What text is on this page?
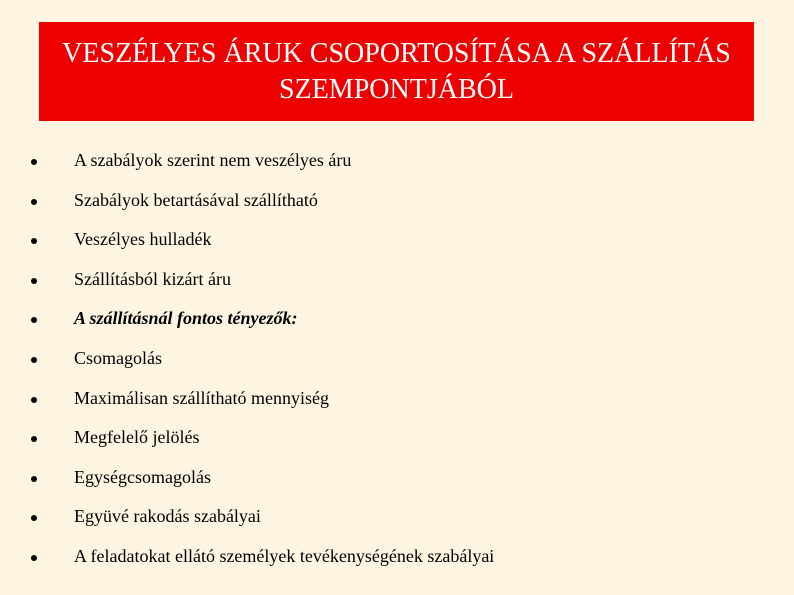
VESZÉLYES ÁRUK CSOPORTOSÍTÁSA A SZÁLLÍTÁS
SZEMPONTJÁBÓL
A szabályok szerint nem veszélyes áru
Szabályok betartásával szállítható
Veszélyes hulladék
Szállításból kizárt áru
A szállításnál fontos tényezők:
Csomagolás
Maximálisan szállítható mennyiség
Megfelelő jelölés
Egységcsomagolás
Együvé rakodás szabályai
A feladatokat ellátó személyek tevékenységének szabályai
